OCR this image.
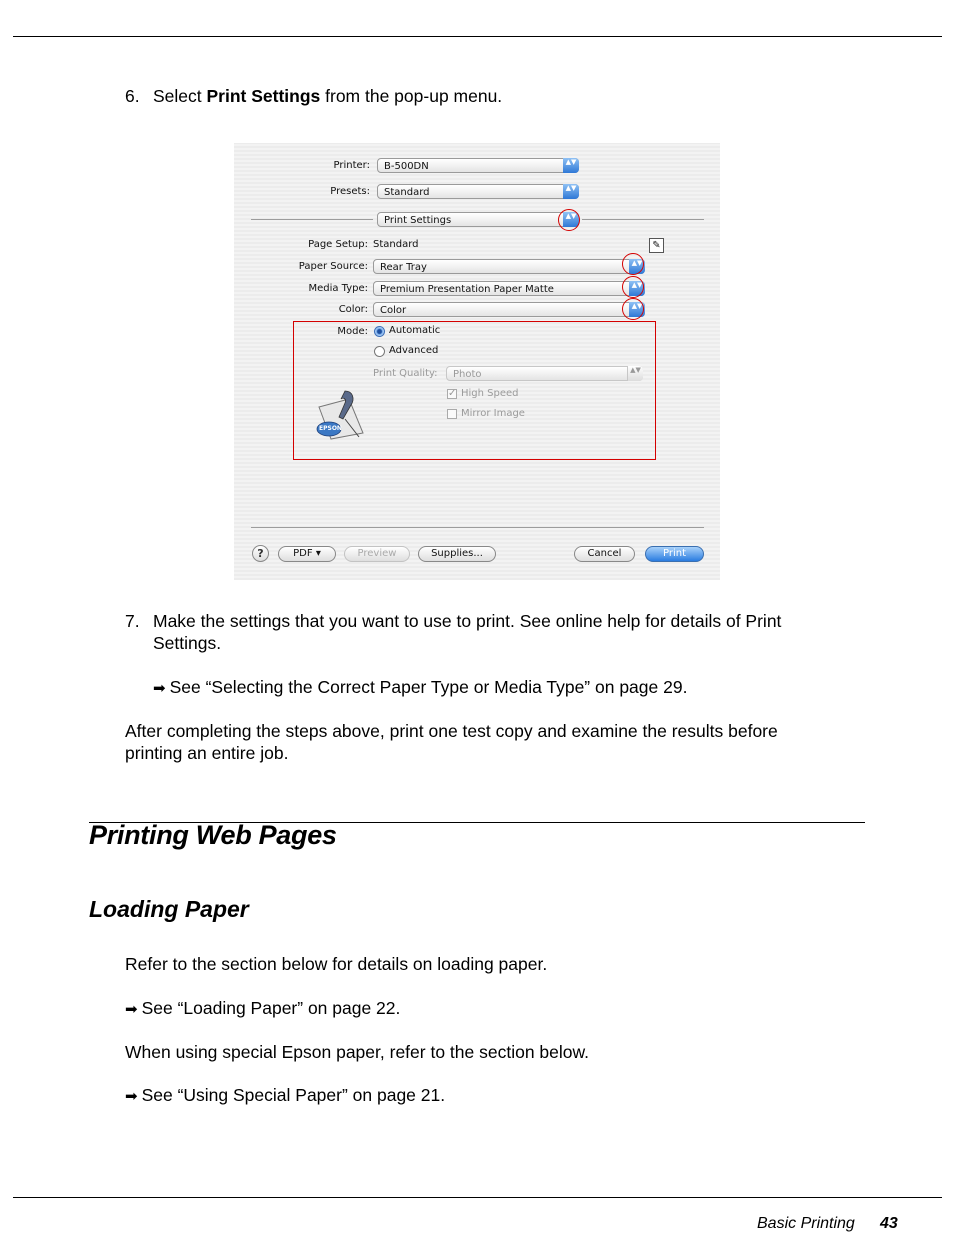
6. Select Print Settings from the pop-up menu.

Printer:	B-500DN	▲▼
Presets:	Standard	▲▼
Print Settings	▲▼
Page Setup: Standard	✎
Paper Source:	Rear Tray	▲▼
Media Type:	Premium Presentation Paper Matte	▲▼
Color:	Color	▲▼
Mode: Automatic
Advanced
Print Quality:	Photo	▲▼
✓ High Speed
Mirror Image
EPSON
?	PDF ▾	Preview	Supplies...	Cancel	Print
7. Make the settings that you want to use to print. See online help for details of Print Settings.

➡ See “Selecting the Correct Paper Type or Media Type” on page 29.

After completing the steps above, print one test copy and examine the results before printing an entire job.

Printing Web Pages
Loading Paper

Refer to the section below for details on loading paper.

➡ See “Loading Paper” on page 22.

When using special Epson paper, refer to the section below.

➡ See “Using Special Paper” on page 21.

Basic Printing 43
